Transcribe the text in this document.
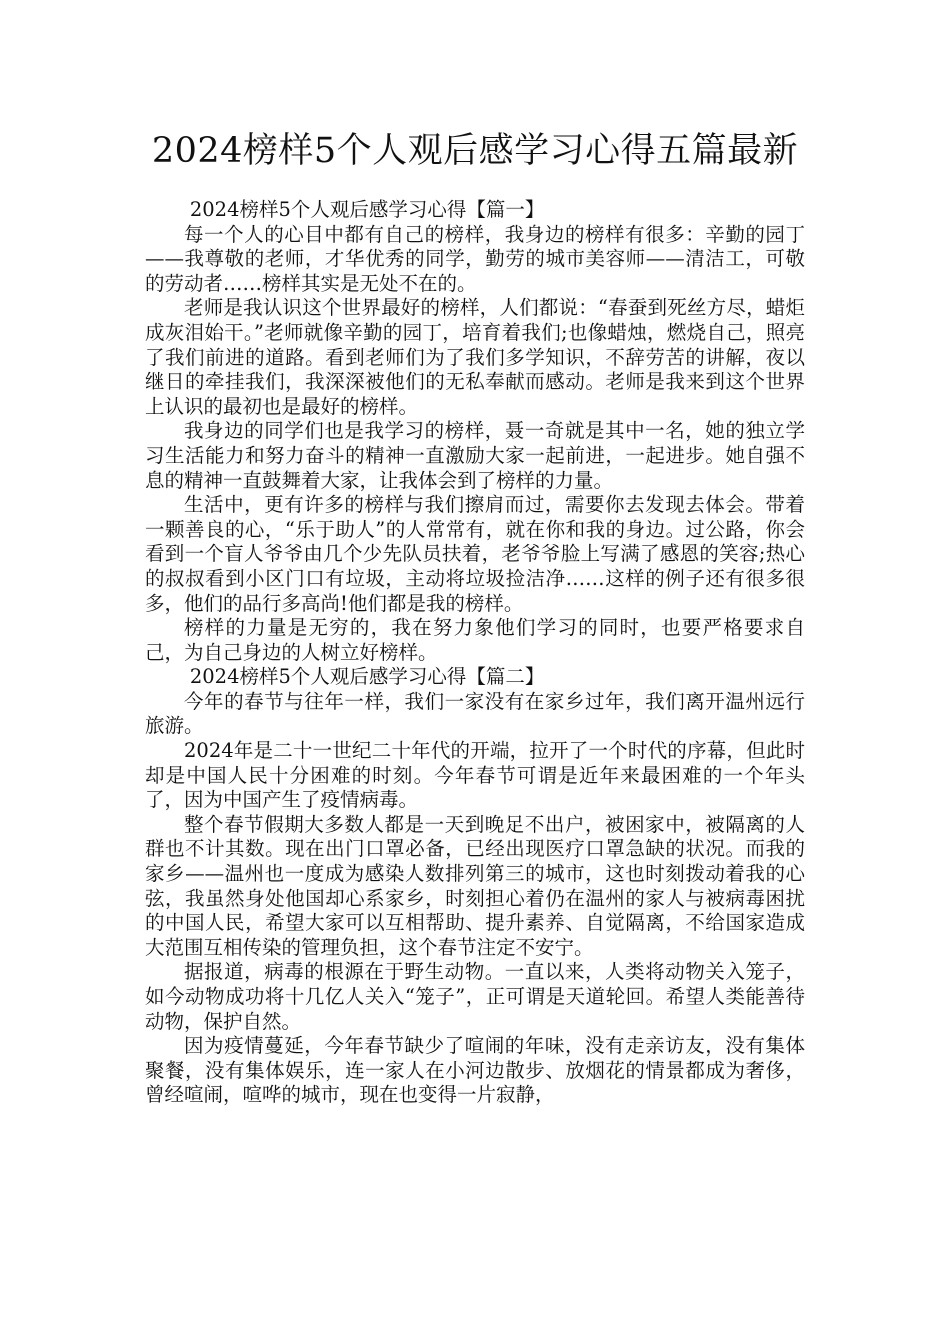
2024榜样5个人观后感学习心得五篇最新

2024榜样5个人观后感学习心得【篇一】

每一个人的心目中都有自己的榜样，我身边的榜样有很多：辛勤的园丁——我尊敬的老师，才华优秀的同学，勤劳的城市美容师——清洁工，可敬的劳动者……榜样其实是无处不在的。

老师是我认识这个世界最好的榜样，人们都说：“春蚕到死丝方尽，蜡炬成灰泪始干。”老师就像辛勤的园丁，培育着我们;也像蜡烛，燃烧自己，照亮了我们前进的道路。看到老师们为了我们多学知识，不辞劳苦的讲解，夜以继日的牵挂我们，我深深被他们的无私奉献而感动。老师是我来到这个世界上认识的最初也是最好的榜样。

我身边的同学们也是我学习的榜样，聂一奇就是其中一名，她的独立学习生活能力和努力奋斗的精神一直激励大家一起前进，一起进步。她自强不息的精神一直鼓舞着大家，让我体会到了榜样的力量。

生活中，更有许多的榜样与我们擦肩而过，需要你去发现去体会。带着一颗善良的心，“乐于助人”的人常常有，就在你和我的身边。过公路，你会看到一个盲人爷爷由几个少先队员扶着，老爷爷脸上写满了感恩的笑容;热心的叔叔看到小区门口有垃圾，主动将垃圾捡洁净……这样的例子还有很多很多，他们的品行多高尚!他们都是我的榜样。

榜样的力量是无穷的，我在努力象他们学习的同时，也要严格要求自己，为自己身边的人树立好榜样。

2024榜样5个人观后感学习心得【篇二】

今年的春节与往年一样，我们一家没有在家乡过年，我们离开温州远行旅游。

2024年是二十一世纪二十年代的开端，拉开了一个时代的序幕，但此时却是中国人民十分困难的时刻。今年春节可谓是近年来最困难的一个年头了，因为中国产生了疫情病毒。

整个春节假期大多数人都是一天到晚足不出户，被困家中，被隔离的人群也不计其数。现在出门口罩必备，已经出现医疗口罩急缺的状况。而我的家乡——温州也一度成为感染人数排列第三的城市，这也时刻拨动着我的心弦，我虽然身处他国却心系家乡，时刻担心着仍在温州的家人与被病毒困扰的中国人民，希望大家可以互相帮助、提升素养、自觉隔离，不给国家造成大范围互相传染的管理负担，这个春节注定不安宁。

据报道，病毒的根源在于野生动物。一直以来，人类将动物关入笼子，如今动物成功将十几亿人关入“笼子”，正可谓是天道轮回。希望人类能善待动物，保护自然。

因为疫情蔓延，今年春节缺少了喧闹的年味，没有走亲访友，没有集体聚餐，没有集体娱乐，连一家人在小河边散步、放烟花的情景都成为奢侈，曾经喧闹，喧哗的城市，现在也变得一片寂静，
